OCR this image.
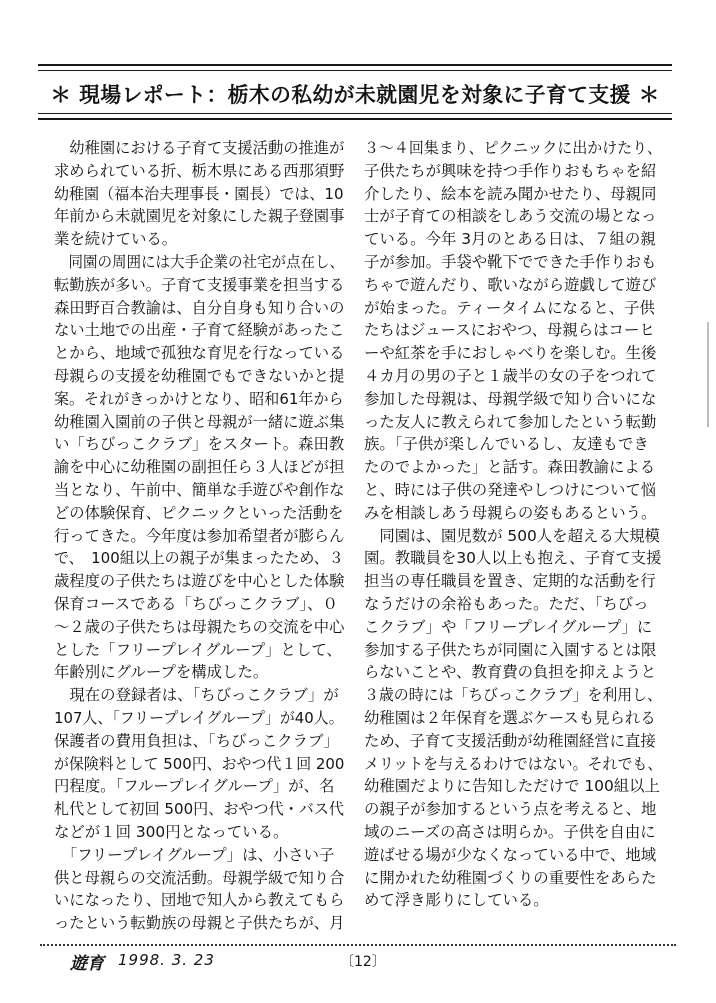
＊ 現場レポート：栃木の私幼が未就園児を対象に子育て支援 ＊
　幼稚園における子育て支援活動の推進が
求められている折、栃木県にある西那須野
幼稚園（福本治夫理事長・園長）では、10
年前から未就園児を対象にした親子登園事
業を続けている。
　同園の周囲には大手企業の社宅が点在し、
転勤族が多い。子育て支援事業を担当する
森田野百合教諭は、自分自身も知り合いの
ない土地での出産・子育て経験があったこ
とから、地域で孤独な育児を行なっている
母親らの支援を幼稚園でもできないかと提
案。それがきっかけとなり、昭和61年から
幼稚園入園前の子供と母親が一緒に遊ぶ集
い「ちびっこクラブ」をスタート。森田教
諭を中心に幼稚園の副担任ら３人ほどが担
当となり、午前中、簡単な手遊びや創作な
どの体験保育、ピクニックといった活動を
行ってきた。今年度は参加希望者が膨らん
で、　100組以上の親子が集まったため、３
歳程度の子供たちは遊びを中心とした体験
保育コースである「ちびっこクラブ」、０
～２歳の子供たちは母親たちの交流を中心
とした「フリープレイグループ」として、
年齢別にグループを構成した。
　現在の登録者は、「ちびっこクラブ」が
107人、「フリープレイグループ」が40人。
保護者の費用負担は、「ちびっこクラブ」
が保険料として 500円、おやつ代１回 200
円程度。「フループレイグループ」が、名
札代として初回 500円、おやつ代・バス代
などが１回 300円となっている。
　「フリープレイグループ」は、小さい子
供と母親らの交流活動。母親学級で知り合
いになったり、団地で知人から教えてもら
ったという転勤族の母親と子供たちが、月
３～４回集まり、ピクニックに出かけたり、
子供たちが興味を持つ手作りおもちゃを紹
介したり、絵本を読み聞かせたり、母親同
士が子育ての相談をしあう交流の場となっ
ている。今年 3月のとある日は、７組の親
子が参加。手袋や靴下でできた手作りおも
ちゃで遊んだり、歌いながら遊戯して遊び
が始まった。ティータイムになると、子供
たちはジュースにおやつ、母親らはコーヒ
ーや紅茶を手におしゃべりを楽しむ。生後
４カ月の男の子と１歳半の女の子をつれて
参加した母親は、母親学級で知り合いにな
った友人に教えられて参加したという転勤
族。「子供が楽しんでいるし、友達もでき
たのでよかった」と話す。森田教諭による
と、時には子供の発達やしつけについて悩
みを相談しあう母親らの姿もあるという。
　同園は、園児数が 500人を超える大規模
園。教職員を30人以上も抱え、子育て支援
担当の専任職員を置き、定期的な活動を行
なうだけの余裕もあった。ただ、「ちびっ
こクラブ」や「フリープレイグループ」に
参加する子供たちが同園に入園するとは限
らないことや、教育費の負担を抑えようと
３歳の時には「ちびっこクラブ」を利用し、
幼稚園は２年保育を選ぶケースも見られる
ため、子育て支援活動が幼稚園経営に直接
メリットを与えるわけではない。それでも、
幼稚園だよりに告知しただけで 100組以上
の親子が参加するという点を考えると、地
域のニーズの高さは明らか。子供を自由に
遊ばせる場が少なくなっている中で、地域
に開かれた幼稚園づくりの重要性をあらた
めて浮き彫りにしている。
遊育 1998. 3. 23	〔12〕
